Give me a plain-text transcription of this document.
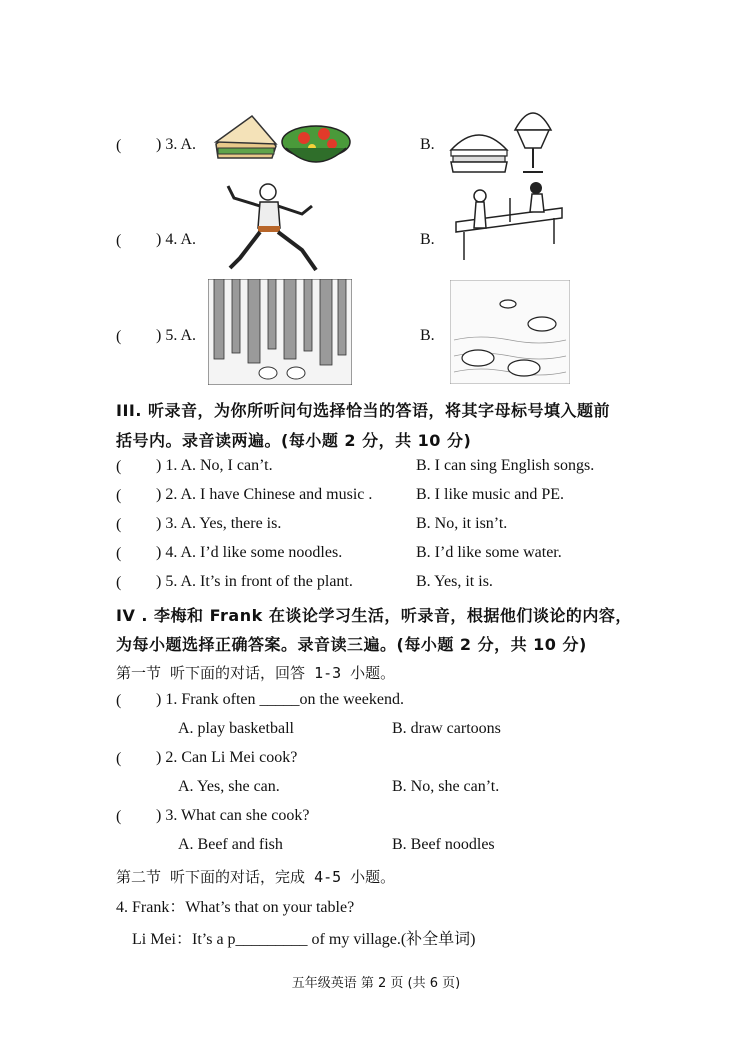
( ) 3. A.	B.
( ) 4. A.	B.
( ) 5. A.	B.
III. 听录音，为你所听问句选择恰当的答语，将其字母标号填入题前
括号内。录音读两遍。(每小题 2 分，共 10 分)
( ) 1. A. No, I can’t.	B. I can sing English songs.
( ) 2. A. I have Chinese and music .	B. I like music and PE.
( ) 3. A. Yes, there is.	B. No, it isn’t.
( ) 4. A. I’d like some noodles.	B. I’d like some water.
( ) 5. A. It’s in front of the plant.	B. Yes, it is.
IV . 李梅和 Frank 在谈论学习生活，听录音，根据他们谈论的内容，
为每小题选择正确答案。录音读三遍。(每小题 2 分，共 10 分)
第一节 听下面的对话，回答 1-3 小题。
( ) 1. Frank often _____on the weekend.
A. play basketball	B. draw cartoons
( ) 2. Can Li Mei cook?
A. Yes, she can.	B. No, she can’t.
( ) 3. What can she cook?
A. Beef and fish	B. Beef noodles
第二节 听下面的对话，完成 4-5 小题。
4. Frank：What’s that on your table?
Li Mei：It’s a p_________ of my village.(补全单词)
五年级英语 第 2 页 (共 6 页)
